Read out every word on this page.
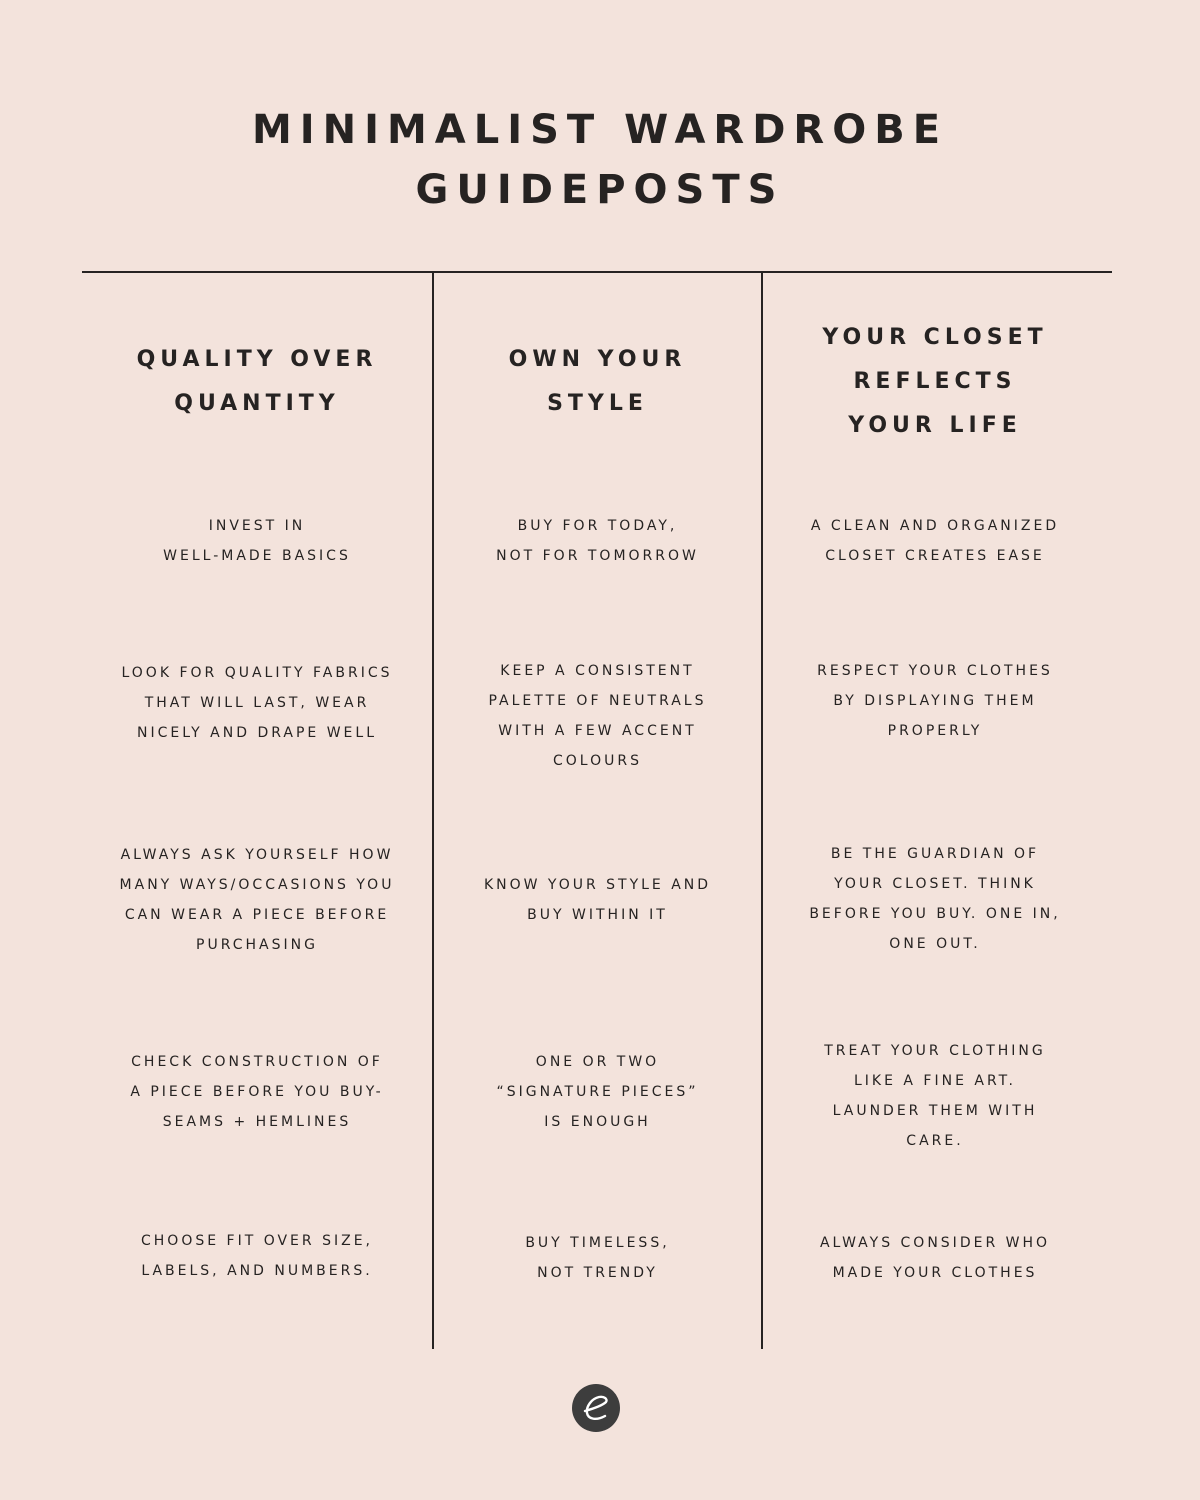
MINIMALIST WARDROBE
GUIDEPOSTS
QUALITY OVER
QUANTITY
INVEST IN
WELL-MADE BASICS
LOOK FOR QUALITY FABRICS
THAT WILL LAST, WEAR
NICELY AND DRAPE WELL
ALWAYS ASK YOURSELF HOW
MANY WAYS/OCCASIONS YOU
CAN WEAR A PIECE BEFORE
PURCHASING
CHECK CONSTRUCTION OF
A PIECE BEFORE YOU BUY-
SEAMS + HEMLINES
CHOOSE FIT OVER SIZE,
LABELS, AND NUMBERS.
OWN YOUR
STYLE
BUY FOR TODAY,
NOT FOR TOMORROW
KEEP A CONSISTENT
PALETTE OF NEUTRALS
WITH A FEW ACCENT
COLOURS
KNOW YOUR STYLE AND
BUY WITHIN IT
ONE OR TWO
“SIGNATURE PIECES”
IS ENOUGH
BUY TIMELESS,
NOT TRENDY
YOUR CLOSET
REFLECTS
YOUR LIFE
A CLEAN AND ORGANIZED
CLOSET CREATES EASE
RESPECT YOUR CLOTHES
BY DISPLAYING THEM
PROPERLY
BE THE GUARDIAN OF
YOUR CLOSET. THINK
BEFORE YOU BUY. ONE IN,
ONE OUT.
TREAT YOUR CLOTHING
LIKE A FINE ART.
LAUNDER THEM WITH
CARE.
ALWAYS CONSIDER WHO
MADE YOUR CLOTHES
